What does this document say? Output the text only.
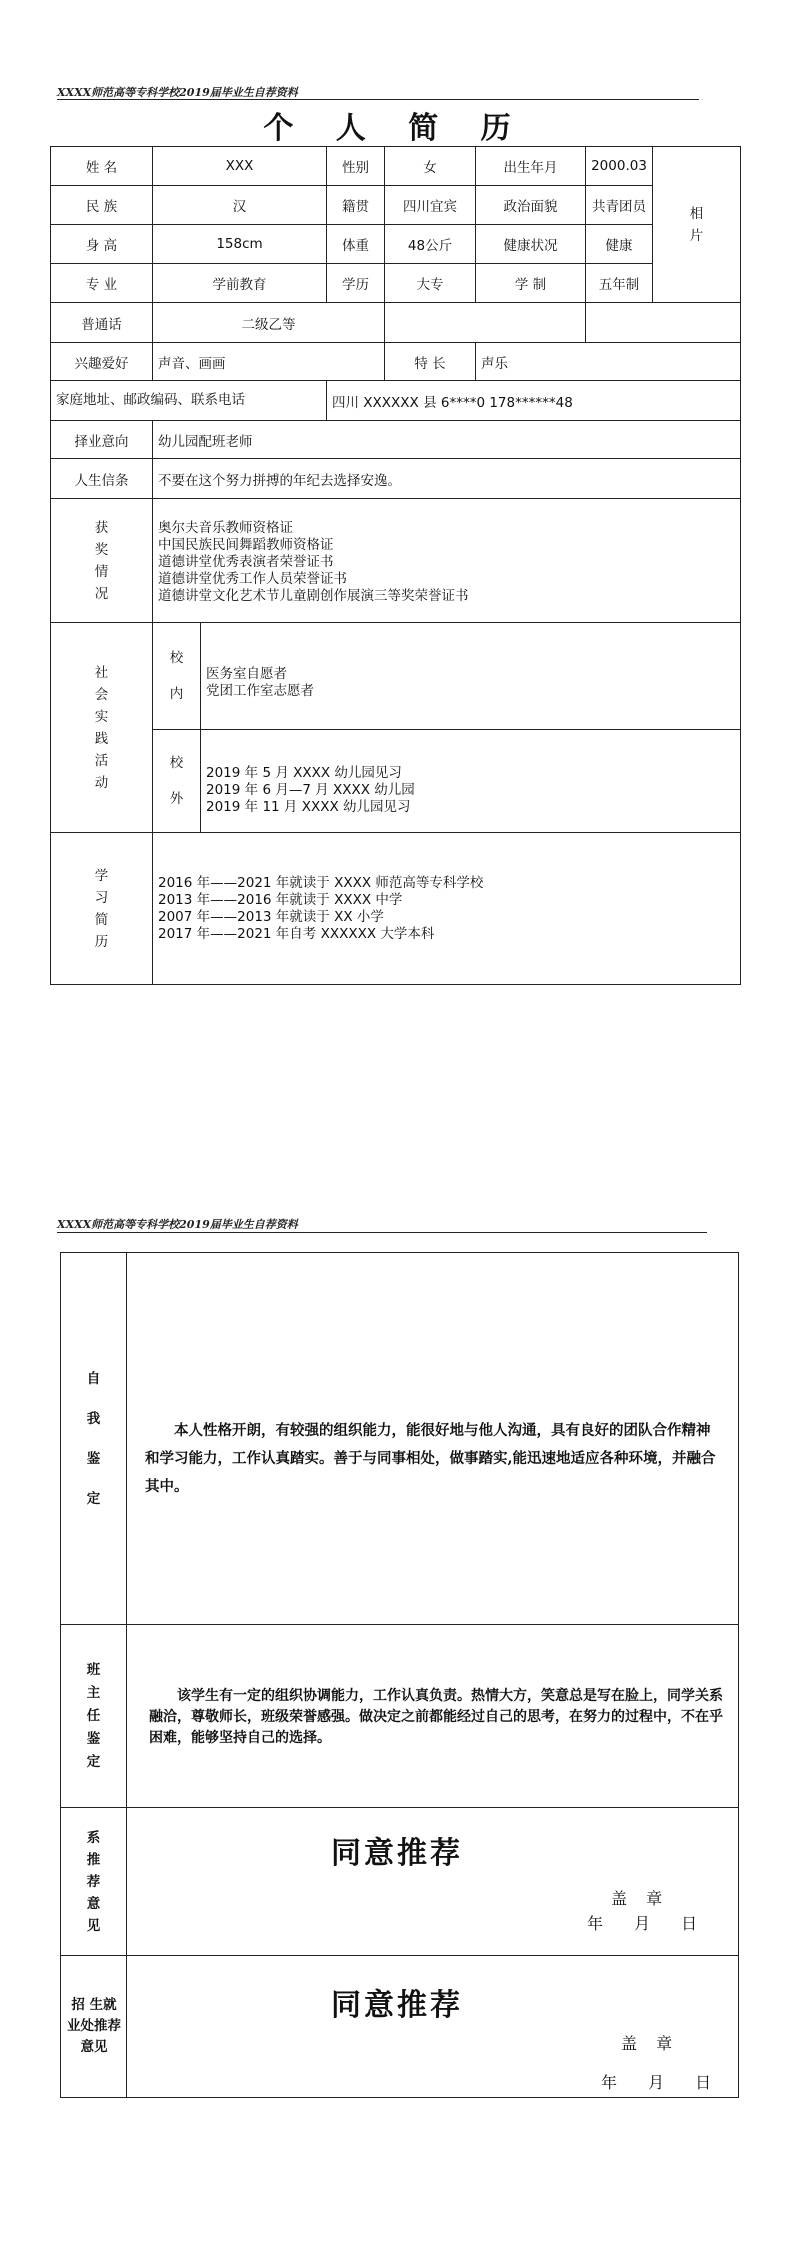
XXXX师范高等专科学校2019届毕业生自荐资料
个 人 简 历
姓 名	XXX		性别	女	出生年月	2000.03	相片

民 族	汉		籍贯	四川宜宾	政治面貌	共青团员	
身 高	158cm		体重	48公斤	健康状况	健康	
专 业	学前教育		学历	大专	学 制	五年制	
普通话	二级乙等						
兴趣爱好	声音、画画			特 长	声乐		
家庭地址、邮政编码、联系电话			四川 XXXXXX 县 6****0 178******48				
择业意向	幼儿园配班老师						
人生信条	不要在这个努力拼搏的年纪去选择安逸。						

获奖情况	奥尔夫音乐教师资格证
中国民族民间舞蹈教师资格证
道德讲堂优秀表演者荣誉证书
道德讲堂优秀工作人员荣誉证书
道德讲堂文化艺术节儿童剧创作展演三等奖荣誉证书						

社会实践活动	校内	医务室自愿者
党团工作室志愿者					

	校外	2019 年 5 月 XXXX 幼儿园见习
2019 年 6 月—7 月 XXXX 幼儿园
2019 年 11 月 XXXX 幼儿园见习					

学习简历	2016 年——2021 年就读于 XXXX 师范高等专科学校
2013 年——2016 年就读于 XXXX 中学
2007 年——2013 年就读于 XX 小学
2017 年——2021 年自考 XXXXXX 大学本科						
XXXX师范高等专科学校2019届毕业生自荐资料
自我鉴定	本人性格开朗，有较强的组织能力，能很好地与他人沟通，具有良好的团队合作精神和学习能力，工作认真踏实。善于与同事相处，做事踏实,能迅速地适应各种环境，并融合其中。

班主任鉴定	该学生有一定的组织协调能力，工作认真负责。热情大方，笑意总是写在脸上，同学关系融洽，尊敬师长，班级荣誉感强。做决定之前都能经过自己的思考，在努力的过程中，不在乎困难，能够坚持自己的选择。

系推荐意见	同意推荐
盖 章
年 月 日

招 生就业处推荐意见	同意推荐
盖 章
年 月 日
